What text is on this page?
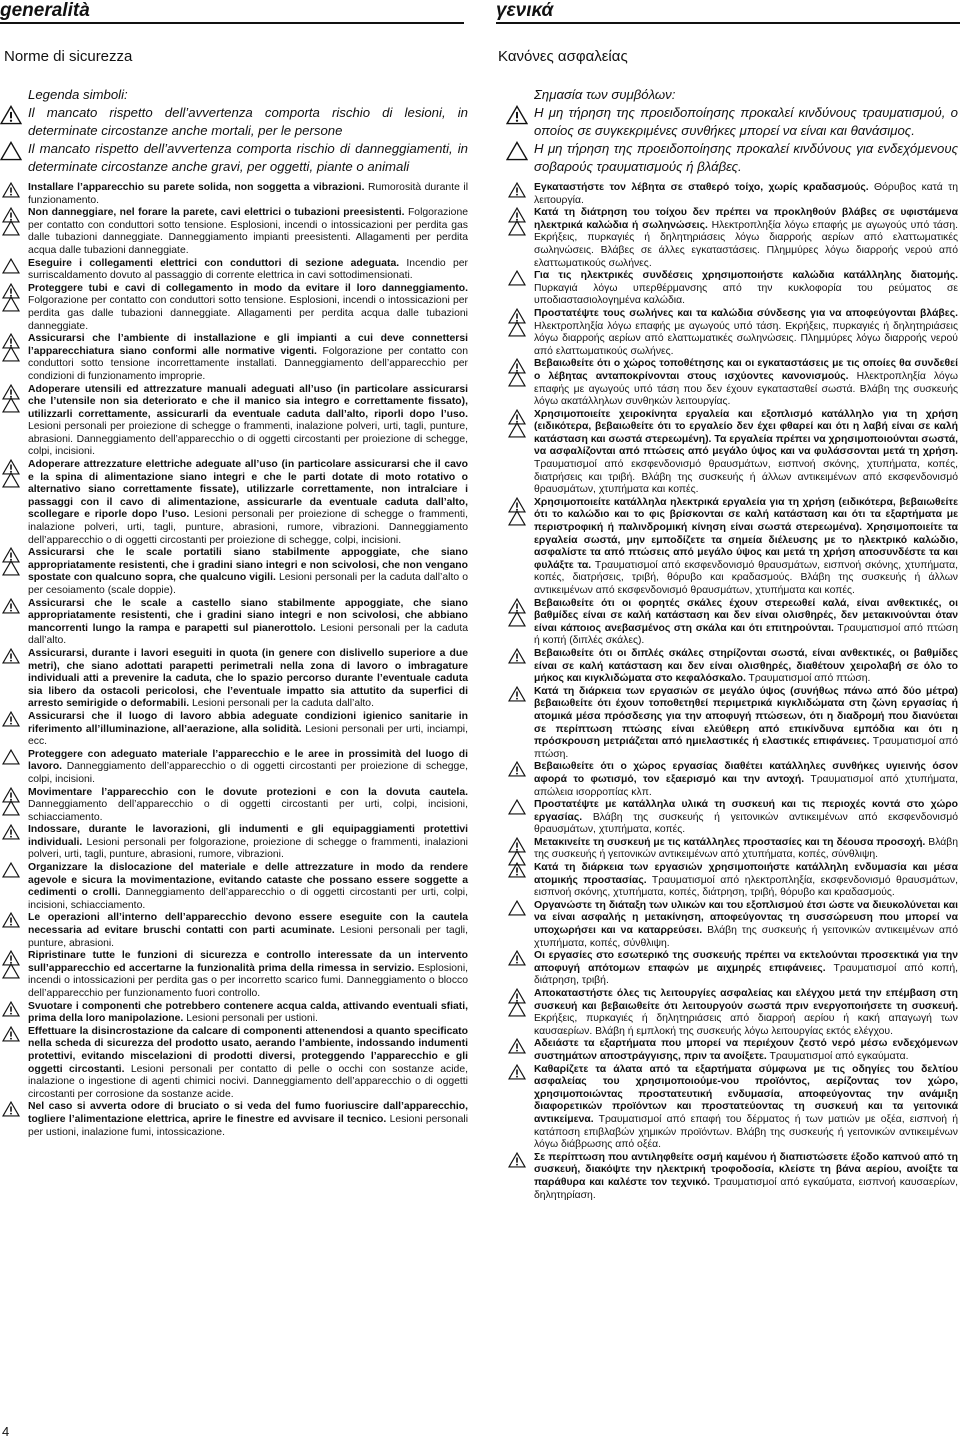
generalità	γενικά
Norme di sicurezza	Κανόνες ασφαλείας

Legenda simboli:

Il mancato rispetto dell’avvertenza comporta rischio di lesioni, in determinate circostanze anche mortali, per le persone

Il mancato rispetto dell’avvertenza comporta rischio di danneggiamenti, in determinate circostanze anche gravi, per oggetti, piante o animali

Installare l’apparecchio su parete solida, non soggetta a vibrazioni. Rumorosità durante il funzionamento.
Non danneggiare, nel forare la parete, cavi elettrici o tubazioni preesistenti. Folgorazione per contatto con conduttori sotto tensione. Esplosioni, incendi o intossicazioni per perdita gas dalle tubazioni danneggiate. Danneggiamento impianti preesistenti. Allagamenti per perdita acqua dalle tubazioni danneggiate.
Eseguire i collegamenti elettrici con conduttori di sezione adeguata. Incendio per surriscaldamento dovuto al passaggio di corrente elettrica in cavi sottodimensionati.
Proteggere tubi e cavi di collegamento in modo da evitare il loro danneggiamento. Folgorazione per contatto con conduttori sotto tensione. Esplosioni, incendi o intossicazioni per perdita gas dalle tubazioni danneggiate. Allagamenti per perdita acqua dalle tubazioni danneggiate.
Assicurarsi che l’ambiente di installazione e gli impianti a cui deve connettersi l’apparecchiatura siano conformi alle normative vigenti. Folgorazione per contatto con conduttori sotto tensione incorrettamente installati. Danneggiamento dell’apparecchio per condizioni di funzionamento improprie.
Adoperare utensili ed attrezzature manuali adeguati all’uso (in particolare assicurarsi che l’utensile non sia deteriorato e che il manico sia integro e correttamente fissato), utilizzarli correttamente, assicurarli da eventuale caduta dall’alto, riporli dopo l’uso. Lesioni personali per proiezione di schegge o frammenti, inalazione polveri, urti, tagli, punture, abrasioni. Danneggiamento dell’apparecchio o di oggetti circostanti per proiezione di schegge, colpi, incisioni.
Adoperare attrezzature elettriche adeguate all’uso (in particolare assicurarsi che il cavo e la spina di alimentazione siano integri e che le parti dotate di moto rotativo o alternativo siano correttamente fissate), utilizzarle correttamente, non intralciare i passaggi con il cavo di alimentazione, assicurarle da eventuale caduta dall’alto, scollegare e riporle dopo l’uso. Lesioni personali per proiezione di schegge o frammenti, inalazione polveri, urti, tagli, punture, abrasioni, rumore, vibrazioni. Danneggiamento dell’apparecchio o di oggetti circostanti per proiezione di schegge, colpi, incisioni.
Assicurarsi che le scale portatili siano stabilmente appoggiate, che siano appropriatamente resistenti, che i gradini siano integri e non scivolosi, che non vengano spostate con qualcuno sopra, che qualcuno vigili. Lesioni personali per la caduta dall’alto o per cesoiamento (scale doppie).
Assicurarsi che le scale a castello siano stabilmente appoggiate, che siano appropriatamente resistenti, che i gradini siano integri e non scivolosi, che abbiano mancorrenti lungo la rampa e parapetti sul pianerottolo. Lesioni personali per la caduta dall’alto.
Assicurarsi, durante i lavori eseguiti in quota (in genere con dislivello superiore a due metri), che siano adottati parapetti perimetrali nella zona di lavoro o imbragature individuali atti a prevenire la caduta, che lo spazio percorso durante l’eventuale caduta sia libero da ostacoli pericolosi, che l’eventuale impatto sia attutito da superfici di arresto semirigide o deformabili. Lesioni personali per la caduta dall’alto.
Assicurarsi che il luogo di lavoro abbia adeguate condizioni igienico sanitarie in riferimento all’illuminazione, all’aerazione, alla solidità. Lesioni personali per urti, inciampi, ecc.
Proteggere con adeguato materiale l’apparecchio e le aree in prossimità del luogo di lavoro. Danneggiamento dell’apparecchio o di oggetti circostanti per proiezione di schegge, colpi, incisioni.
Movimentare l’apparecchio con le dovute protezioni e con la dovuta cautela. Danneggiamento dell’apparecchio o di oggetti circostanti per urti, colpi, incisioni, schiacciamento.
Indossare, durante le lavorazioni, gli indumenti e gli equipaggiamenti protettivi individuali. Lesioni personali per folgorazione, proiezione di schegge o frammenti, inalazioni polveri, urti, tagli, punture, abrasioni, rumore, vibrazioni.
Organizzare la dislocazione del materiale e delle attrezzature in modo da rendere agevole e sicura la movimentazione, evitando cataste che possano essere soggette a cedimenti o crolli. Danneggiamento dell’apparecchio o di oggetti circostanti per urti, colpi, incisioni, schiacciamento.
Le operazioni all’interno dell’apparecchio devono essere eseguite con la cautela necessaria ad evitare bruschi contatti con parti acuminate. Lesioni personali per tagli, punture, abrasioni.
Ripristinare tutte le funzioni di sicurezza e controllo interessate da un intervento sull’apparecchio ed accertarne la funzionalità prima della rimessa in servizio. Esplosioni, incendi o intossicazioni per perdita gas o per incorretto scarico fumi. Danneggiamento o blocco dell’apparecchio per funzionamento fuori controllo.
Svuotare i componenti che potrebbero contenere acqua calda, attivando eventuali sfiati, prima della loro manipolazione. Lesioni personali per ustioni.
Effettuare la disincrostazione da calcare di componenti attenendosi a quanto specificato nella scheda di sicurezza del prodotto usato, aerando l’ambiente, indossando indumenti protettivi, evitando miscelazioni di prodotti diversi, proteggendo l’apparecchio e gli oggetti circostanti. Lesioni personali per contatto di pelle o occhi con sostanze acide, inalazione o ingestione di agenti chimici nocivi. Danneggiamento dell’apparecchio o di oggetti circostanti per corrosione da sostanze acide.
Nel caso si avverta odore di bruciato o si veda del fumo fuoriuscire dall’apparecchio, togliere l’alimentazione elettrica, aprire le finestre ed avvisare il tecnico. Lesioni personali per ustioni, inalazione fumi, intossicazione.

Σημασία των συμβόλων:

Η μη τήρηση της προειδοποίησης προκαλεί κινδύνους τραυματισμού, ο οποίος σε συγκεκριμένες συνθήκες μπορεί να είναι και θανάσιμος.

Η μη τήρηση της προειδοποίησης προκαλεί κινδύνους για ενδεχόμενους σοβαρούς τραυματισμούς ή βλάβες.

Εγκαταστήστε τον λέβητα σε σταθερό τοίχο, χωρίς κραδασμούς. Θόρυβος κατά τη λειτουργία.
Κατά τη διάτρηση του τοίχου δεν πρέπει να προκληθούν βλάβες σε υφιστάμενα ηλεκτρικά καλώδια ή σωληνώσεις. Ηλεκτροπληξία λόγω επαφής με αγωγούς υπό τάση. Εκρήξεις, πυρκαγιές ή δηλητηριάσεις λόγω διαρροής αερίων από ελαττωματικές σωληνώσεις. Βλάβες σε άλλες εγκαταστάσεις. Πλημμύρες λόγω διαρροής νερού από ελαττωματικούς σωλήνες.
Για τις ηλεκτρικές συνδέσεις χρησιμοποιήστε καλώδια κατάλληλης διατομής. Πυρκαγιά λόγω υπερθέρμανσης από την κυκλοφορία του ρεύματος σε υποδιαστασιολογημένα καλώδια.
Προστατέψτε τους σωλήνες και τα καλώδια σύνδεσης για να αποφεύγονται βλάβες. Ηλεκτροπληξία λόγω επαφής με αγωγούς υπό τάση. Εκρήξεις, πυρκαγιές ή δηλητηριάσεις λόγω διαρροής αερίων από ελαττωματικές σωληνώσεις. Πλημμύρες λόγω διαρροής νερού από ελαττωματικούς σωλήνες.
Βεβαιωθείτε ότι ο χώρος τοποθέτησης και οι εγκαταστάσεις με τις οποίες θα συνδεθεί ο λέβητας ανταποκρίνονται στους ισχύοντες κανονισμούς. Ηλεκτροπληξία λόγω επαφής με αγωγούς υπό τάση που δεν έχουν εγκατασταθεί σωστά. Βλάβη της συσκευής λόγω ακατάλληλων συνθηκών λειτουργίας.
Χρησιμοποιείτε χειροκίνητα εργαλεία και εξοπλισμό κατάλληλο για τη χρήση (ειδικότερα, βεβαιωθείτε ότι το εργαλείο δεν έχει φθαρεί και ότι η λαβή είναι σε καλή κατάσταση και σωστά στερεωμένη). Τα εργαλεία πρέπει να χρησιμοποιούνται σωστά, να ασφαλίζονται από πτώσεις από μεγάλο ύψος και να φυλάσσονται μετά τη χρήση. Τραυματισμοί από εκσφενδονισμό θραυσμάτων, εισπνοή σκόνης, χτυπήματα, κοπές, διατρήσεις και τριβή. Βλάβη της συσκευής ή άλλων αντικειμένων από εκσφενδονισμό θραυσμάτων, χτυπήματα και κοπές.
Χρησιμοποιείτε κατάλληλα ηλεκτρικά εργαλεία για τη χρήση (ειδικότερα, βεβαιωθείτε ότι το καλώδιο και το φις βρίσκονται σε καλή κατάσταση και ότι τα εξαρτήματα με περιστροφική ή παλινδρομική κίνηση είναι σωστά στερεωμένα). Χρησιμοποιείτε τα εργαλεία σωστά, μην εμποδίζετε τα σημεία διέλευσης με το ηλεκτρικό καλώδιο, ασφαλίστε τα από πτώσεις από μεγάλο ύψος και μετά τη χρήση αποσυνδέστε τα και φυλάξτε τα. Τραυματισμοί από εκσφενδονισμό θραυσμάτων, εισπνοή σκόνης, χτυπήματα, κοπές, διατρήσεις, τριβή, θόρυβο και κραδασμούς. Βλάβη της συσκευής ή άλλων αντικειμένων από εκσφενδονισμό θραυσμάτων, χτυπήματα και κοπές.
Βεβαιωθείτε ότι οι φορητές σκάλες έχουν στερεωθεί καλά, είναι ανθεκτικές, οι βαθμίδες είναι σε καλή κατάσταση και δεν είναι ολισθηρές, δεν μετακινούνται όταν είναι κάποιος ανεβασμένος στη σκάλα και ότι επιτηρούνται. Τραυματισμοί από πτώση ή κοπή (διπλές σκάλες).
Βεβαιωθείτε ότι οι διπλές σκάλες στηρίζονται σωστά, είναι ανθεκτικές, οι βαθμίδες είναι σε καλή κατάσταση και δεν είναι ολισθηρές, διαθέτουν χειρολαβή σε όλο το μήκος και κιγκλιδώματα στο κεφαλόσκαλο. Τραυματισμοί από πτώση.
Κατά τη διάρκεια των εργασιών σε μεγάλο ύψος (συνήθως πάνω από δύο μέτρα) βεβαιωθείτε ότι έχουν τοποθετηθεί περιμετρικά κιγκλιδώματα στη ζώνη εργασίας ή ατομικά μέσα πρόσδεσης για την αποφυγή πτώσεων, ότι η διαδρομή που διανύεται σε περίπτωση πτώσης είναι ελεύθερη από επικίνδυνα εμπόδια και ότι η πρόσκρουση μετριάζεται από ημιελαστικές ή ελαστικές επιφάνειες. Τραυματισμοί από πτώση.
Βεβαιωθείτε ότι ο χώρος εργασίας διαθέτει κατάλληλες συνθήκες υγιεινής όσον αφορά το φωτισμό, τον εξαερισμό και την αντοχή. Τραυματισμοί από χτυπήματα, απώλεια ισορροπίας κλπ.
Προστατέψτε με κατάλληλα υλικά τη συσκευή και τις περιοχές κοντά στο χώρο εργασίας. Βλάβη της συσκευής ή γειτονικών αντικειμένων από εκσφενδονισμό θραυσμάτων, χτυπήματα, κοπές.
Μετακινείτε τη συσκευή με τις κατάλληλες προστασίες και τη δέουσα προσοχή. Βλάβη της συσκευής ή γειτονικών αντικειμένων από χτυπήματα, κοπές, σύνθλιψη.
Κατά τη διάρκεια των εργασιών χρησιμοποιήστε κατάλληλη ενδυμασία και μέσα ατομικής προστασίας. Τραυματισμοί από ηλεκτροπληξία, εκσφενδονισμό θραυσμάτων, εισπνοή σκόνης, χτυπήματα, κοπές, διάτρηση, τριβή, θόρυβο και κραδασμούς.
Οργανώστε τη διάταξη των υλικών και του εξοπλισμού έτσι ώστε να διευκολύνεται και να είναι ασφαλής η μετακίνηση, αποφεύγοντας τη συσσώρευση που μπορεί να υποχωρήσει και να καταρρεύσει. Βλάβη της συσκευής ή γειτονικών αντικειμένων από χτυπήματα, κοπές, σύνθλιψη.
Οι εργασίες στο εσωτερικό της συσκευής πρέπει να εκτελούνται προσεκτικά για την αποφυγή απότομων επαφών με αιχμηρές επιφάνειες. Τραυματισμοί από κοπή, διάτρηση, τριβή.
Αποκαταστήστε όλες τις λειτουργίες ασφαλείας και ελέγχου μετά την επέμβαση στη συσκευή και βεβαιωθείτε ότι λειτουργούν σωστά πριν ενεργοποιήσετε τη συσκευή. Εκρήξεις, πυρκαγιές ή δηλητηριάσεις από διαρροή αερίου ή κακή απαγωγή των καυσαερίων. Βλάβη ή εμπλοκή της συσκευής λόγω λειτουργίας εκτός ελέγχου.
Αδειάστε τα εξαρτήματα που μπορεί να περιέχουν ζεστό νερό μέσω ενδεχόμενων συστημάτων αποστράγγισης, πριν τα ανοίξετε. Τραυματισμοί από εγκαύματα.
Καθαρίζετε τα άλατα από τα εξαρτήματα σύμφωνα με τις οδηγίες του δελτίου ασφαλείας του χρησιμοποιούμε-νου προϊόντος, αερίζοντας τον χώρο, χρησιμοποιώντας προστατευτική ενδυμασία, αποφεύγοντας την ανάμιξη διαφορετικών προϊόντων και προστατεύοντας τη συσκευή και τα γειτονικά αντικείμενα. Τραυματισμοί από επαφή του δέρματος ή των ματιών με οξέα, εισπνοή ή κατάποση επιβλαβών χημικών προϊόντων. Βλάβη της συσκευής ή γειτονικών αντικειμένων λόγω διάβρωσης από οξέα.
Σε περίπτωση που αντιληφθείτε οσμή καμένου ή διαπιστώσετε έξοδο καπνού από τη συσκευή, διακόψτε την ηλεκτρική τροφοδοσία, κλείστε τη βάνα αερίου, ανοίξτε τα παράθυρα και καλέστε τον τεχνικό. Τραυματισμοί από εγκαύματα, εισπνοή καυσαερίων, δηλητηρίαση.
4
